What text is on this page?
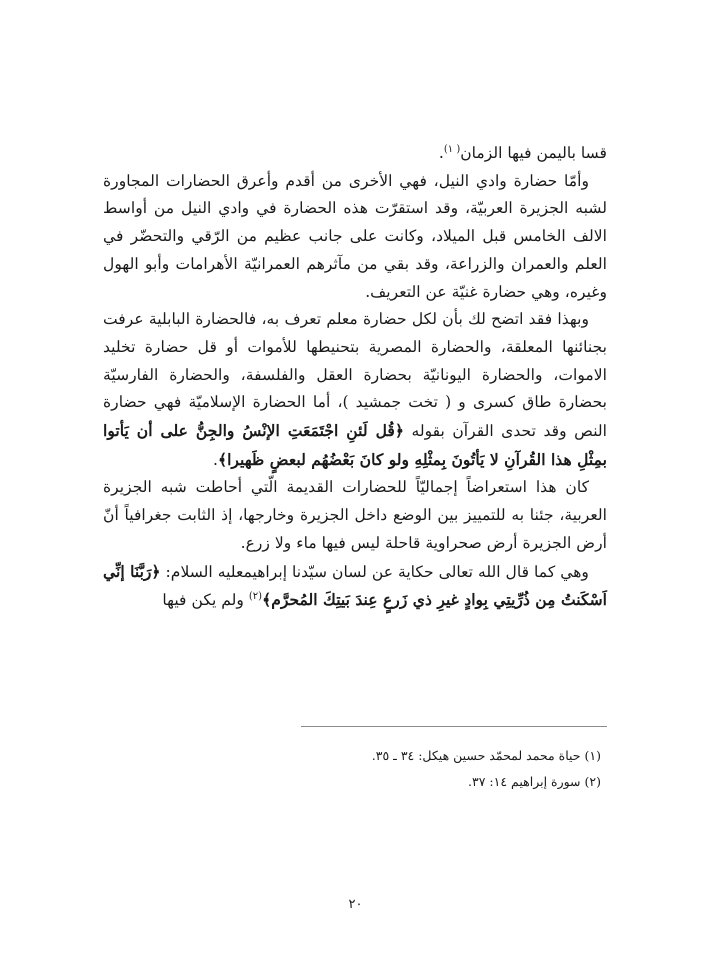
قسا باليمن فيها الزمان$^{( ١)}$.

وأمّا حضارة وادي النيل، فهي الأخرى من أقدم وأعرق الحضارات المجاورة لشبه الجزيرة العربيّة، وقد استقرّت هذه الحضارة في وادي النيل من أواسط الالف الخامس قبل الميلاد، وكانت على جانب عظيم من الرّقي والتحضّر في العلم والعمران والزراعة، وقد بقي من مآثرهم العمرانيّة الأهرامات وأبو الهول وغيره، وهي حضارة غنيّة عن التعريف.

وبهذا فقد اتضح لك بأن لكل حضارة معلم تعرف به، فالحضارة البابلية عرفت بجنائنها المعلقة، والحضارة المصرية بتحنيطها للأموات أو قل حضارة تخليد الاموات، والحضارة اليونانيّة بحضارة العقل والفلسفة، والحضارة الفارسيّة بحضارة طاق كسرى و ( تخت جمشيد )، أما الحضارة الإسلاميّة فهي حضارة النص وقد تحدى القرآن بقوله ﴿قُل لَئنِ اجْتَمَعَتِ الإنْسُ والجِنُّ على أن يَأتوا بمِثْلِ هذا القُرآنِ لا يَأتُونَ بِمثْلِهِ ولو كانَ بَعْضُهُم لبعضٍ ظَهيرا﴾.

كان هذا استعراضاً إجماليّاً للحضارات القديمة الّتي أحاطت شبه الجزيرة العربية، جئنا به للتمييز بين الوضع داخل الجزيرة وخارجها، إذ الثابت جغرافياً أنّ أرض الجزيرة أرض صحراوية قاحلة ليس فيها ماء ولا زرع.

وهي كما قال الله تعالى حكاية عن لسان سيّدنا إبراهيمعليه السلام: ﴿رَبَّنَا إنِّي اَسْكَنتُ مِن ذُرِّيتِي بِوادٍ غيرِ ذي زَرعٍ عِندَ بَيتِكَ المُحرَّم﴾$^{(٢)}$ ولم يكن فيها

(١) حياة محمد لمحمّد حسين هيكل: ٣٤ ـ ٣٥.
(٢) سورة إبراهيم ١٤: ٣٧.
٢٠
